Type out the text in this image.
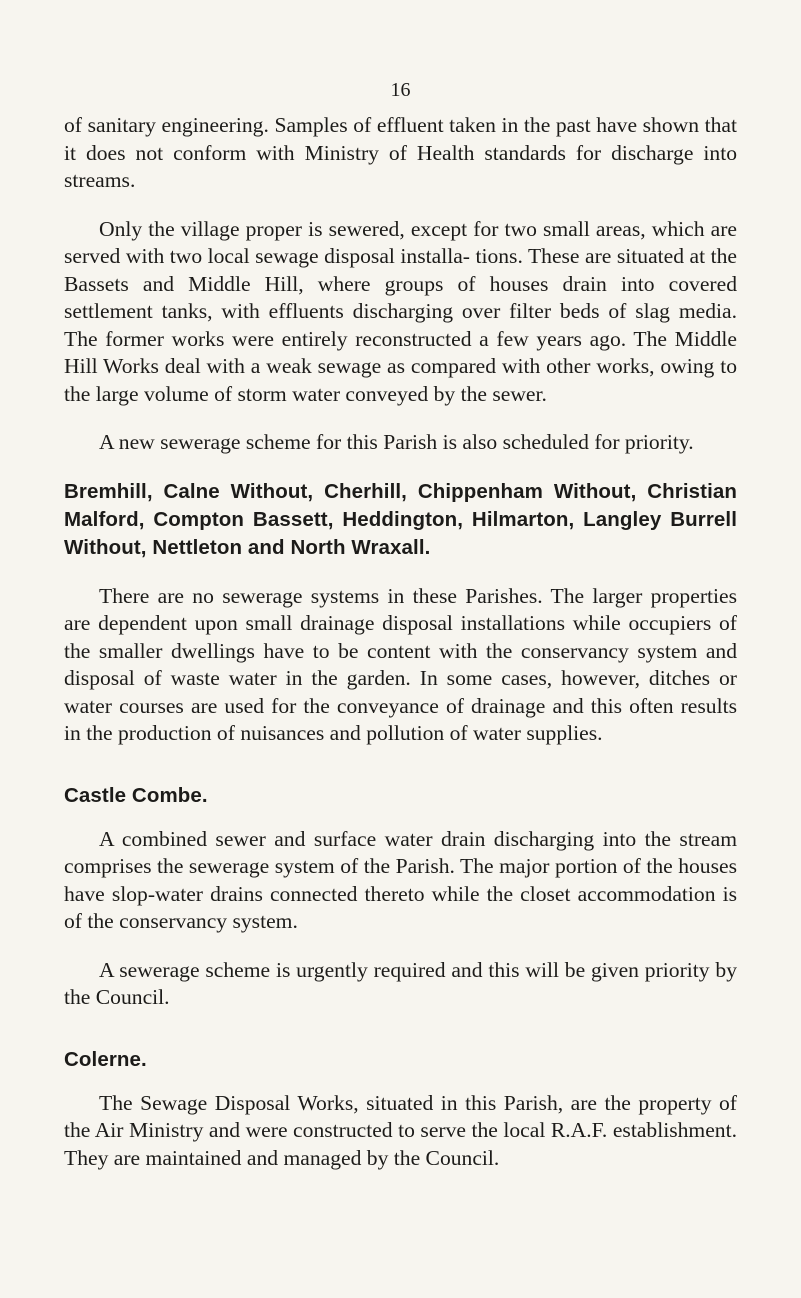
16

of sanitary engineering. Samples of effluent taken in the past have shown that it does not conform with Ministry of Health standards for discharge into streams.

Only the village proper is sewered, except for two small areas, which are served with two local sewage disposal installa- tions. These are situated at the Bassets and Middle Hill, where groups of houses drain into covered settlement tanks, with effluents discharging over filter beds of slag media. The former works were entirely reconstructed a few years ago. The Middle Hill Works deal with a weak sewage as compared with other works, owing to the large volume of storm water conveyed by the sewer.

A new sewerage scheme for this Parish is also scheduled for priority.

Bremhill, Calne Without, Cherhill, Chippenham Without, Christian Malford, Compton Bassett, Heddington, Hilmarton, Langley Burrell Without, Nettleton and North Wraxall.

There are no sewerage systems in these Parishes. The larger properties are dependent upon small drainage disposal installations while occupiers of the smaller dwellings have to be content with the conservancy system and disposal of waste water in the garden. In some cases, however, ditches or water courses are used for the conveyance of drainage and this often results in the production of nuisances and pollution of water supplies.

Castle Combe.

A combined sewer and surface water drain discharging into the stream comprises the sewerage system of the Parish. The major portion of the houses have slop-water drains connected thereto while the closet accommodation is of the conservancy system.

A sewerage scheme is urgently required and this will be given priority by the Council.

Colerne.

The Sewage Disposal Works, situated in this Parish, are the property of the Air Ministry and were constructed to serve the local R.A.F. establishment. They are maintained and managed by the Council.
